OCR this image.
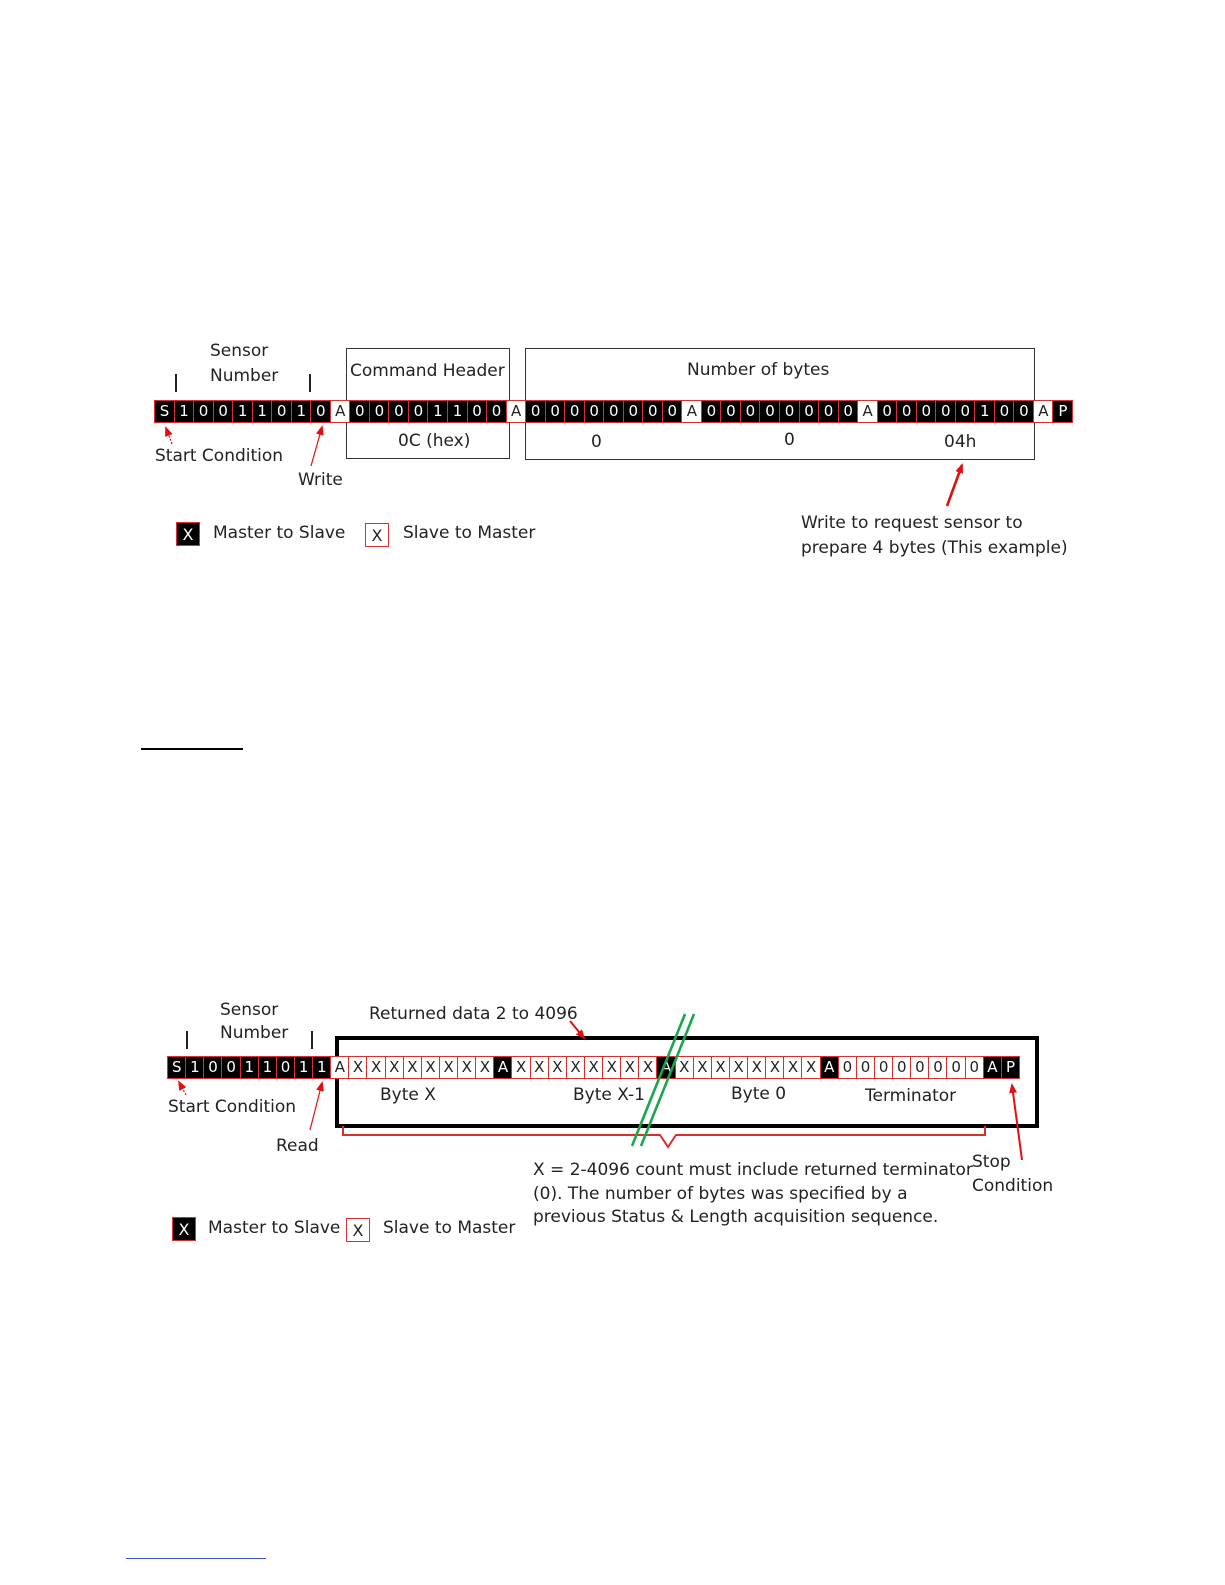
Sensor
Number	Command Header
0C (hex)
Number of bytes
S 1 0 0 1 1 0 1 0 A 0 0 0 0 1 1 0 0 A 0 0 0 0 0 0 0 0 A 0 0 0 0 0 0 0 0 A 0 0 0 0 0 1 0 0 A P
0	0	04h
Start Condition
Write
Write to request sensor to
prepare 4 bytes (This example)
X	Master to Slave	X	Slave to Master
Sensor
Number
Returned data 2 to 4096
S 1 0 0 1 1 0 1 1 A X X X X X X X X A X X X X X X X X A X X X X X X X X A 0 0 0 0 0 0 0 0 A P
Byte X	Byte X-1	Byte 0	Terminator
Start Condition
Read
Stop
Condition
X = 2-4096 count must include returned terminator
(0). The number of bytes was specified by a
previous Status & Length acquisition sequence.
X	Master to Slave X	Slave to Master
